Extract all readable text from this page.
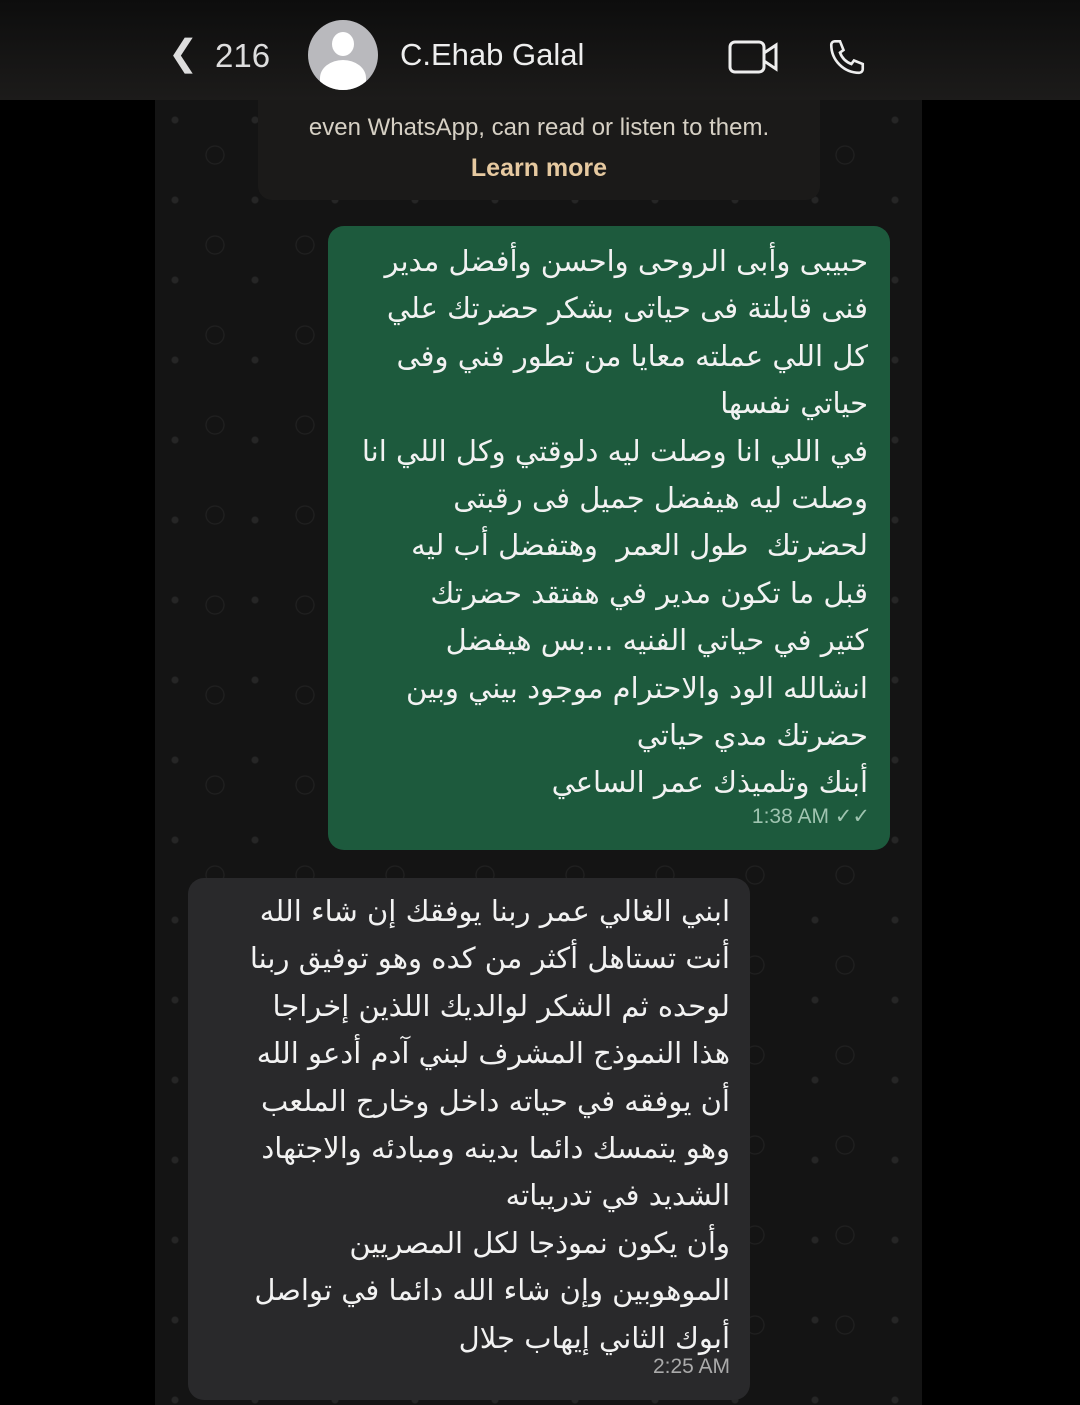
❮ 216	C.Ehab Galal
even WhatsApp, can read or listen to them.
Learn more
حبيبى وأبى الروحى واحسن وأفضل مدير
فنى قابلتة فى حياتى بشكر حضرتك علي
كل اللي عملته معايا من تطور فني وفى
حياتي نفسها
في اللي انا وصلت ليه دلوقتي وكل اللي انا
وصلت ليه هيفضل جميل فى رقبتى
لحضرتك  طول العمر  وهتفضل أب ليه
قبل ما تكون مدير في هفتقد حضرتك
كتير في حياتي الفنيه ...بس هيفضل
انشالله الود والاحترام موجود بيني وبين
حضرتك مدي حياتي
أبنك وتلميذك عمر الساعي
1:38 AM ✓✓
ابني الغالي عمر ربنا يوفقك إن شاء الله
أنت تستاهل أكثر من كده وهو توفيق ربنا
لوحده ثم الشكر لوالديك اللذين إخراجا
هذا النموذج المشرف لبني آدم أدعو الله
أن يوفقه في حياته داخل وخارج الملعب
وهو يتمسك دائما بدينه ومبادئه والاجتهاد
الشديد في تدريباته
وأن يكون نموذجا لكل المصريين
الموهوبين وإن شاء الله دائما في تواصل
أبوك الثاني إيهاب جلال
2:25 AM
